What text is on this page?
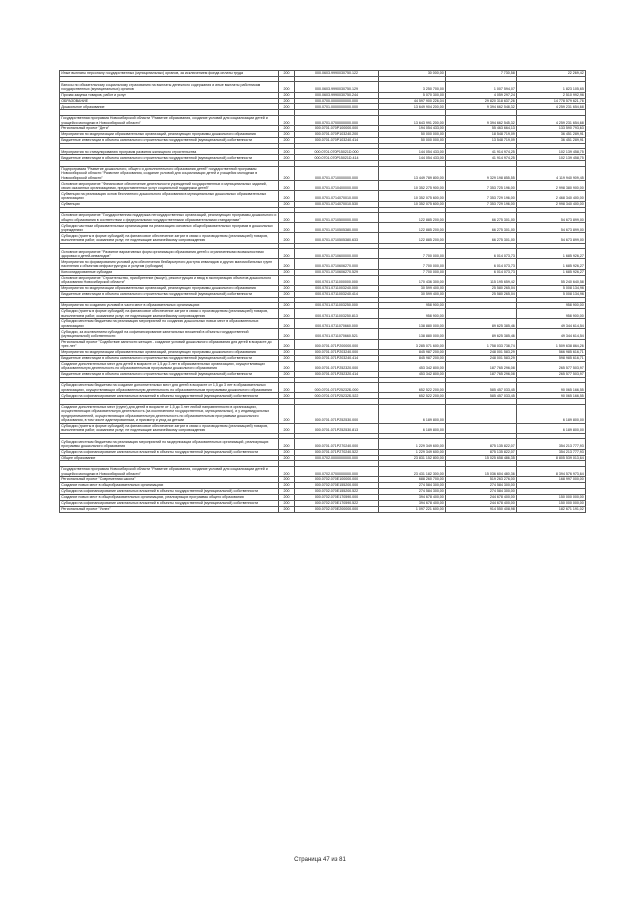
Иные выплаты персоналу государственных (муниципальных) органов, за исключением фонда оплаты труда	200	000.0603.9990030750.122	30 000,00	7 730,58	22 269,42

Взносы по обязательному социальному страхованию на выплаты денежного содержания и иные выплаты работникам государственных (муниципальных) органов	200	000.0603.9990030750.129	3 250 700,00	1 007 594,07	1 823 105,65
Прочая закупка товаров, работ и услуг	200	000.0603.9990030750.244	5 070 300,00	4 059 297,24	2 510 992,96
ОБРАЗОВАНИЕ	200	000.0700.0000000000.000	44 597 900 226,04	29 820 318 637,26	14 778 579 621,76
Дошкольное образование	200	000.0701.0000000000.000	13 649 904 200,00	9 394 662 548,32	4 259 231 654,68

Государственная программа Новосибирской области "Развитие образования, создание условий для социализации детей и учащейся молодежи в Новосибирской области"	200	000.0701.0700000000.000	13 643 991 200,00	9 394 662 545,32	4 259 231 654,68
Региональный проект "Дети"	200	000.0701.070P100000.000	194 054 433,00	55 463 664,13	133 590 793,63
Мероприятия по модернизации образовательных организаций, реализующих программы дошкольного образования	200	000.0701.070P103240.200	50 000 000,00	18 548 719,09	36 451 289,91
Бюджетные инвестиции в объекты капитального строительства государственной (муниципальной) собственности	200	000.0701.070P103240.414	50 000 000,00	13 548 719,09	36 451 289,91

Мероприятия по стимулированию программ развития жилищного строительства	200	000.0701.070P15021D.000	144 054 433,00	41 914 974,25	102 139 458,75
Бюджетные инвестиции в объекты капитального строительства государственной (муниципальной) собственности	200	000.0701.070P15021D.414	144 054 433,00	41 914 974,25	102 139 458,75

Подпрограмма "Развитие дошкольного, общего и дополнительного образования детей" государственной программы Новосибирской области "Развитие образования, создание условий для социализации детей и учащейся молодежи в Новосибирской области"	200	000.0701.0710000000.000	13 449 789 800,00	9 329 198 855,55	4 119 940 909,45
Основное мероприятие "Финансовое обеспечение деятельности учреждений государственных и муниципальных заданий, своих оказанных организациями, предоставленных услуг социальной поддержки детей"	200	000.0701.0710400000.000	10 352 275 900,00	7 353 725 196,00	2 998 380 900,00
Субвенции на реализацию основ бесплатного дошкольного образования в муниципальных дошкольных образовательных организациях	200	000.0701.0714070010.000	10 352 075 600,00	7 353 729 196,00	2 468 340 400,00
Субвенции	200	000.0701.0714070010.530	10 352 075 600,00	7 353 729 196,00	2 998 340 400,00

Основное мероприятие "Государственная поддержка негосударственных организаций, реализующих программы дошкольного и общего образования в соответствии с федеральными государственными образовательными стандартами"	200	000.0701.0710500000.000	122 885 200,00	66 275 301,00	54 673 899,00
Субсидии частным образовательным организациям на реализацию основных общеобразовательных программ в дошкольных учреждениях	200	000.0701.0710505380.000	122 885 200,00	66 275 301,00	54 673 899,00
Субсидии (гранты в форме субсидий) на финансовое обеспечение затрат в связи с производством (реализацией) товаров, выполнением работ, оказанием услуг, не подлежащие казначейскому сопровождению	200	000.0701.0710505380.633	122 885 200,00	66 275 301,00	54 673 899,00

Основное мероприятие "Развитие вариативных форм организации образования детей с ограниченными возможностями здоровья и детей-инвалидов"	200	000.0701.0710600000.000	7 700 000,00	6 014 073,73	1 685 926,27
Мероприятия по формированию условий для обеспечения безбарьерного доступа инвалидов и других маломобильных групп населения к объектам инфраструктуры и услугам (субсидии)	200	000.0701.0710606270.000	7 700 000,00	6 014 073,73	1 685 926,27
Консолидированные субсидии	200	000.0701.0710606270.529	7 700 000,00	6 014 073,73	1 685 926,27
Основное мероприятие "Строительство, приобретение (выкуп), реконструкция и ввод в эксплуатацию объектов дошкольного образования Новосибирской области"	200	000.0701.0711000000.000	170 436 300,00	115 195 659,42	55 240 640,58
Мероприятия по модернизации образовательных организаций, реализующих программы дошкольного образования	200	000.0701.0711003240.000	30 599 400,00	25 580 265,04	5 008 134,96
Бюджетные инвестиции в объекты капитального строительства государственной (муниципальной) собственности	200	000.0701.0711003240.414	30 599 400,00	25 580 265,04	5 008 134,96

Мероприятия по созданию условий в части мест в образовательных организациях	200	000.0701.0711003250.000	958 900,00		958 900,00
Субсидии (гранты в форме субсидий) на финансовое обеспечение затрат в связи с производством (реализацией) товаров, выполнением работ, оказанием услуг, не подлежащие казначейскому сопровождению	200	000.0701.0711003250.813	958 900,00		958 900,00
Субсидии местным бюджетам на реализацию мероприятий по созданию дошкольных новых мест в образовательных организациях	200	000.0701.0711070660.000	138 880 000,00	89 625 385,46	49 344 614,54
Субсидии, за исключением субсидий на софинансирование капитальных вложений в объекты государственной (муниципальной) собственности	200	000.0701.0711070660.521	138 880 000,00	89 625 385,46	49 344 614,54
Региональный проект "Содействие занятости женщин - создание условий дошкольного образования для детей в возрасте до трех лет"	200	000.0701.071P200000.000	3 285 071 600,00	1 758 033 738,74	1 509 638 864,26
Мероприятия по модернизации образовательных организаций, реализующих программы дошкольного образования	200	000.0701.071P203240.000	845 987 200,00	248 001 583,29	566 985 616,71
Бюджетные инвестиции в объекты капитального строительства государственной (муниципальной) собственности	200	000.0701.071P203240.414	845 987 200,00	248 001 583,29	598 985 616,71
Создание дополнительных мест для детей в возрасте от 1,5 до 3 лет в образовательных организациях, осуществляющих образовательную деятельность по образовательным программам дошкольного образования	200	000.0701.071P252320.000	453 342 800,00	187 765 296,08	265 577 503,97
Бюджетные инвестиции в объекты капитального строительства государственной (муниципальной) собственности	200	000.0701.071P252320.414	453 342 800,00	187 765 296,08	265 577 503,97

Субсидии местным бюджетам на создание дополнительных мест для детей в возрасте от 1,5 до 3 лет в образовательных организациях, осуществляющих образовательную деятельность по образовательным программам дошкольного образования	200	000.0701.071P25232Б.000	652 522 200,00	585 457 033,45	90 065 166,55
Субсидии на софинансирование капитальных вложений в объекты государственной (муниципальной) собственности	200	000.0701.071P25232Б.522	652 522 200,00	585 457 033,45	90 065 166,55

Создание дополнительных мест (групп) для детей в возрасте от 1,5 до 3 лет любой направленности в организациях, осуществляющих образовательную деятельность (за исключением государственных, муниципальных), и у индивидуальных предпринимателей, осуществляющих образовательную деятельность по образовательным программам дошкольного образования, в том числе адаптированным, и присмотр и уход за детьми	200	000.0701.071P252530.000	6 189 800,00		6 189 800,00
Субсидии (гранты в форме субсидий) на финансовое обеспечение затрат в связи с производством (реализацией) товаров, выполнением работ, оказанием услуг, не подлежащие казначейскому сопровождению	200	000.0701.071P252530.813	6 189 800,00		6 189 800,00

Субсидии местным бюджетам на реализацию мероприятий по модернизации образовательных организаций, реализующих программы дошкольного образования	200	000.0701.071P270240.000	1 229 349 600,00	875 135 822,07	354 213 777,93
Субсидии на софинансирование капитальных вложений в объекты государственной (муниципальной) собственности	200	000.0701.071P270240.522	1 229 349 600,00	875 135 822,07	354 213 777,93
Общее образование	200	000.0702.0000000000.000	23 831 152 800,00	15 025 658 486,35	8 805 539 013,64

Государственная программа Новосибирской области "Развитие образования, создание условий для социализации детей и учащейся молодежи в Новосибирской области"	200	000.0702.0700000000.000	23 431 182 300,00	15 036 604 480,36	8 394 576 973,64
Региональный проект "Современная школа"	200	000.0702.070E100000.000	688 260 700,00	519 263 276,00	168 997 000,00
Создание новых мест в общеобразовательных организациях	200	000.0702.070E155200.000	274 584 300,00	274 584 300,00	
Субсидии на софинансирование капитальных вложений в объекты государственной (муниципальной) собственности	200	000.0702.070E155200.522	274 584 300,00	274 584 300,00	
Создание новых мест в общеобразовательных организациях, реализующих программы общего образования	200	000.0702.070E170590.000	394 678 400,00	244 678 400,00	150 000 000,00
Субсидии на софинансирование капитальных вложений в объекты государственной (муниципальной) собственности	200	000.0702.070E170590.522	394 678 400,00	244 678 400,00	150 000 000,00
Региональный проект "Успех"	200	000.0702.070E200000.000	1 097 221 600,00	914 550 408,98	182 671 191,02
Страница 47 из 81
